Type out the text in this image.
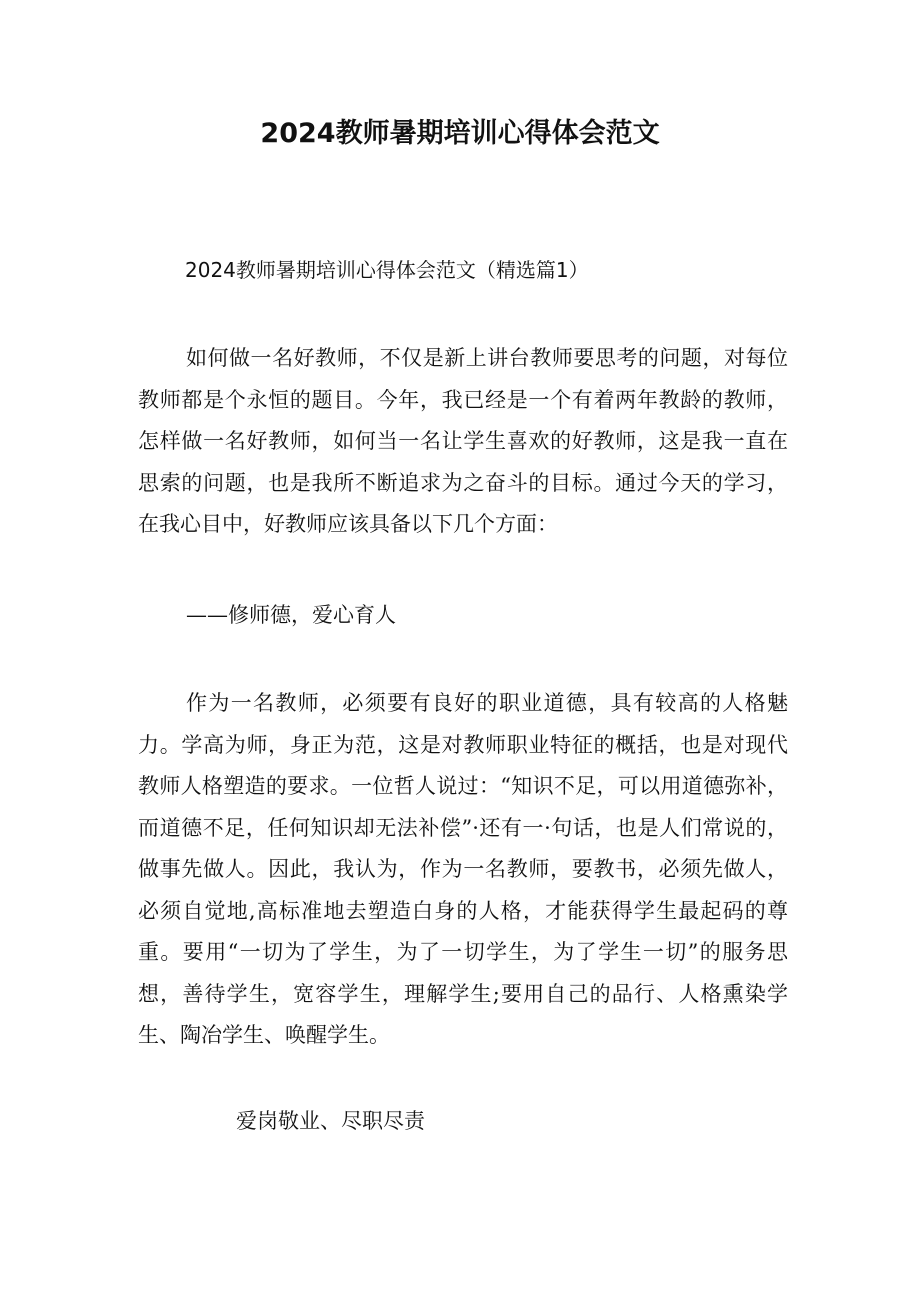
2024教师暑期培训心得体会范文
2024教师暑期培训心得体会范文（精选篇1）

如何做一名好教师，不仅是新上讲台教师要思考的问题，对每位教师都是个永恒的题目。今年，我已经是一个有着两年教龄的教师，怎样做一名好教师，如何当一名让学生喜欢的好教师，这是我一直在思索的问题，也是我所不断追求为之奋斗的目标。通过今天的学习，在我心目中，好教师应该具备以下几个方面：

——修师德，爱心育人

作为一名教师，必须要有良好的职业道德，具有较高的人格魅力。学高为师，身正为范，这是对教师职业特征的概括，也是对现代教师人格塑造的要求。一位哲人说过：“知识不足，可以用道德弥补，而道德不足，任何知识却无法补偿”·还有一·句话，也是人们常说的，做事先做人。因此，我认为，作为一名教师，要教书，必须先做人，必须自觉地,高标准地去塑造白身的人格，才能获得学生最起码的尊重。要用“一切为了学生，为了一切学生，为了学生一切”的服务思想，善待学生，宽容学生，理解学生;要用自己的品行、人格熏染学生、陶冶学生、唤醒学生。

爱岗敬业、尽职尽责
